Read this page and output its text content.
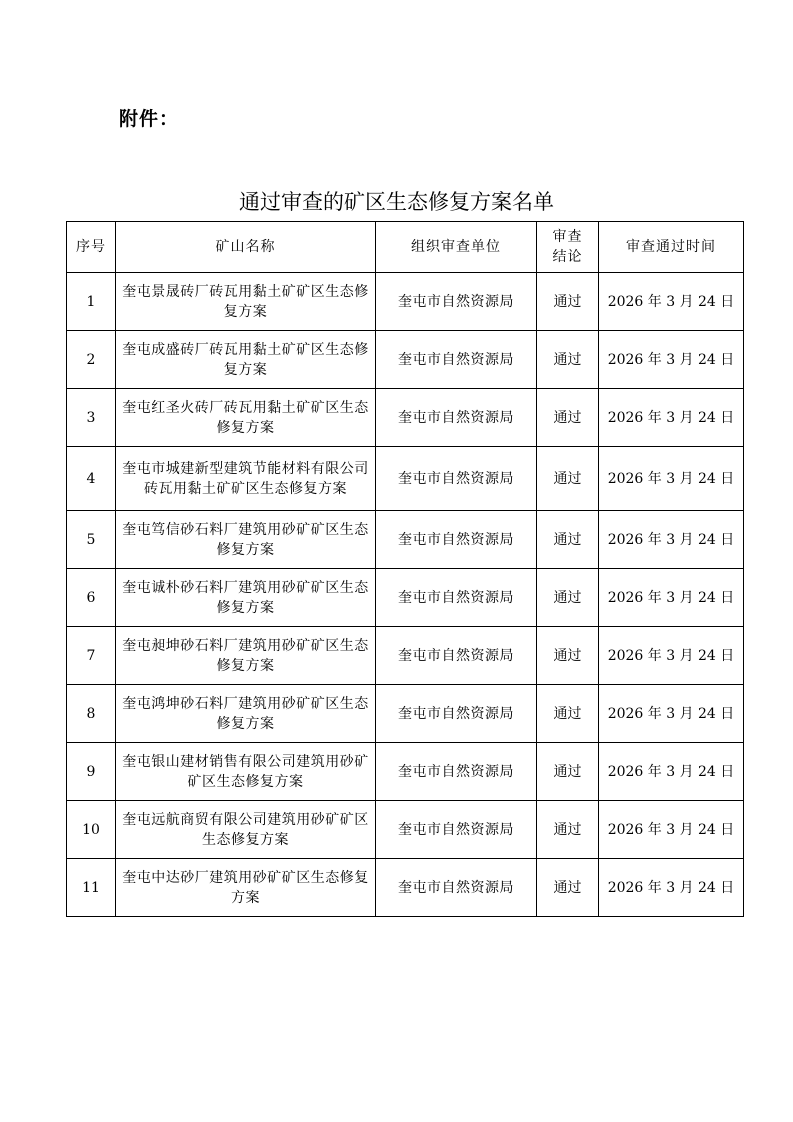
附件：
通过审查的矿区生态修复方案名单
序号	矿山名称	组织审查单位	审查结论	审查通过时间
1	奎屯景晟砖厂砖瓦用黏土矿矿区生态修复方案	奎屯市自然资源局	通过	2026 年 3 月 24 日
2	奎屯成盛砖厂砖瓦用黏土矿矿区生态修复方案	奎屯市自然资源局	通过	2026 年 3 月 24 日
3	奎屯红圣火砖厂砖瓦用黏土矿矿区生态修复方案	奎屯市自然资源局	通过	2026 年 3 月 24 日
4	奎屯市城建新型建筑节能材料有限公司砖瓦用黏土矿矿区生态修复方案	奎屯市自然资源局	通过	2026 年 3 月 24 日
5	奎屯笃信砂石料厂建筑用砂矿矿区生态修复方案	奎屯市自然资源局	通过	2026 年 3 月 24 日
6	奎屯诚朴砂石料厂建筑用砂矿矿区生态修复方案	奎屯市自然资源局	通过	2026 年 3 月 24 日
7	奎屯昶坤砂石料厂建筑用砂矿矿区生态修复方案	奎屯市自然资源局	通过	2026 年 3 月 24 日
8	奎屯鸿坤砂石料厂建筑用砂矿矿区生态修复方案	奎屯市自然资源局	通过	2026 年 3 月 24 日
9	奎屯银山建材销售有限公司建筑用砂矿矿区生态修复方案	奎屯市自然资源局	通过	2026 年 3 月 24 日
10	奎屯远航商贸有限公司建筑用砂矿矿区生态修复方案	奎屯市自然资源局	通过	2026 年 3 月 24 日
11	奎屯中达砂厂建筑用砂矿矿区生态修复方案	奎屯市自然资源局	通过	2026 年 3 月 24 日
